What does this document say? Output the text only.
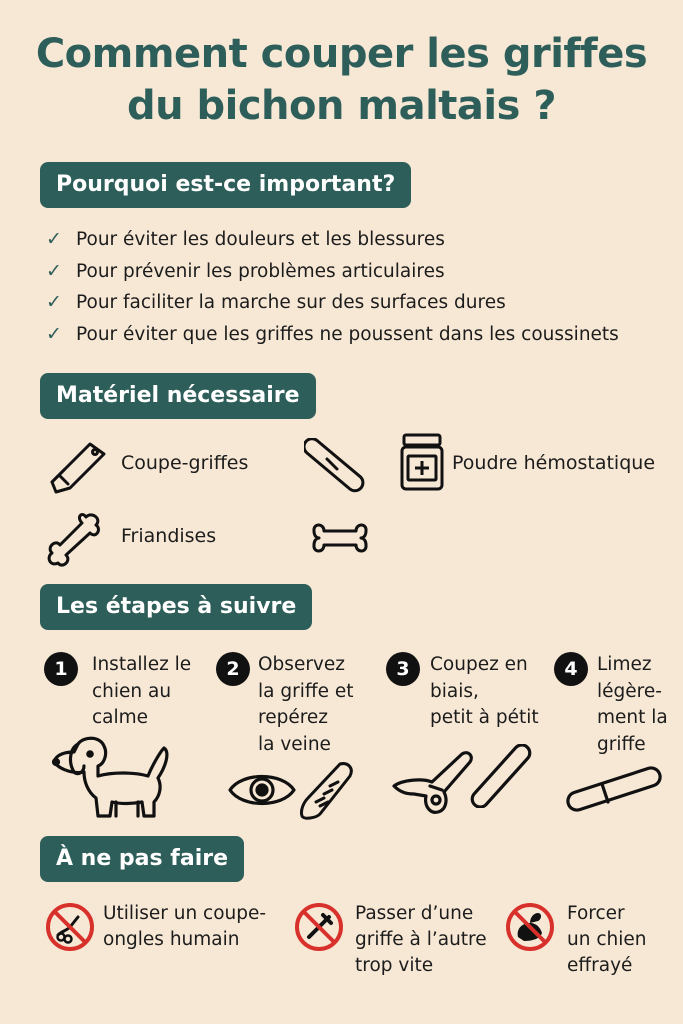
Comment couper les griffes
du bichon maltais ?
Pourquoi est-ce important?
✓ Pour éviter les douleurs et les blessures
✓ Pour prévenir les problèmes articulaires
✓ Pour faciliter la marche sur des surfaces dures
✓ Pour éviter que les griffes ne poussent dans les coussinets
Matériel nécessaire
Coupe-griffes	Poudre hémostatique
Friandises
Les étapes à suivre
1	Installez le
chien au
calme
2 Observez
la griffe et
repérez
la veine
3	Coupez en
biais,
petit à pétit
4	Limez
légère-
ment la
griffe
À ne pas faire
Utiliser un coupe-
ongles humain
Passer d’une
griffe à l’autre
trop vite
Forcer
un chien
effrayé
